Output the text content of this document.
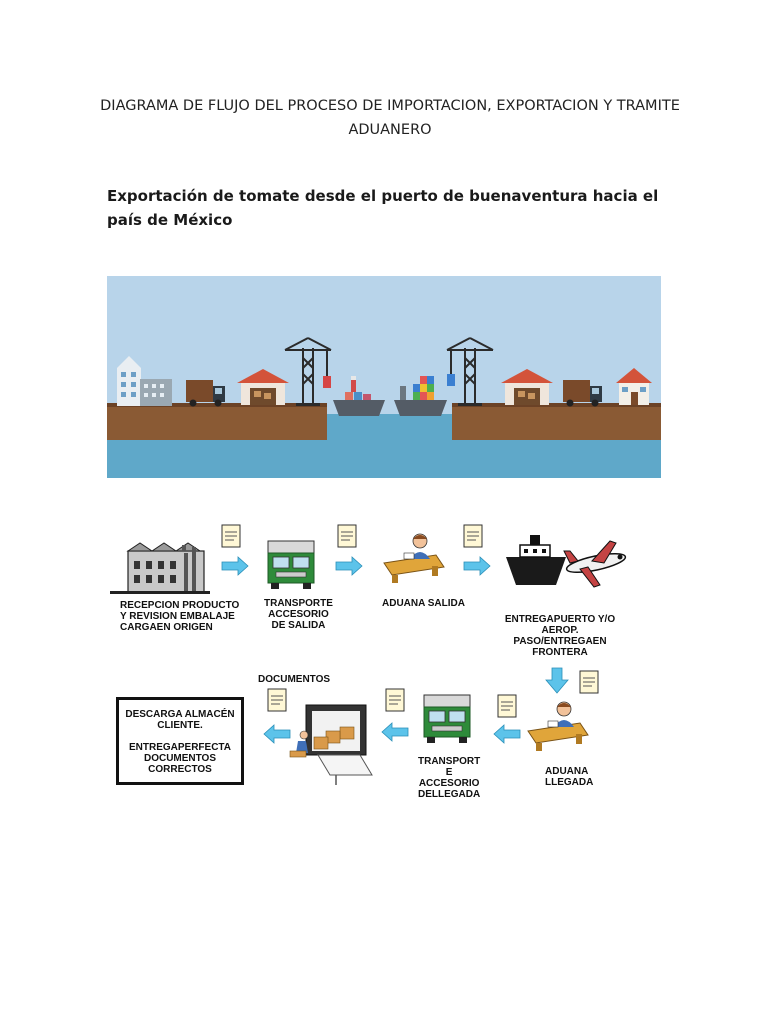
DIAGRAMA DE FLUJO DEL PROCESO DE IMPORTACION, EXPORTACION Y TRAMITE ADUANERO
Exportación de tomate desde el puerto de buenaventura hacia el país de México
RECEPCION PRODUCTO
Y REVISION EMBALAJE
CARGAEN ORIGEN
TRANSPORTE
ACCESORIO
DE SALIDA
ADUANA SALIDA
ENTREGAPUERTO Y/O
AEROP.
PASO/ENTREGAEN
FRONTERA
ADUANA
LLEGADA
TRANSPORT
E
ACCESORIO
DELLEGADA
DOCUMENTOS
DESCARGA ALMACÉN
CLIENTE.
ENTREGAPERFECTA
DOCUMENTOS
CORRECTOS
